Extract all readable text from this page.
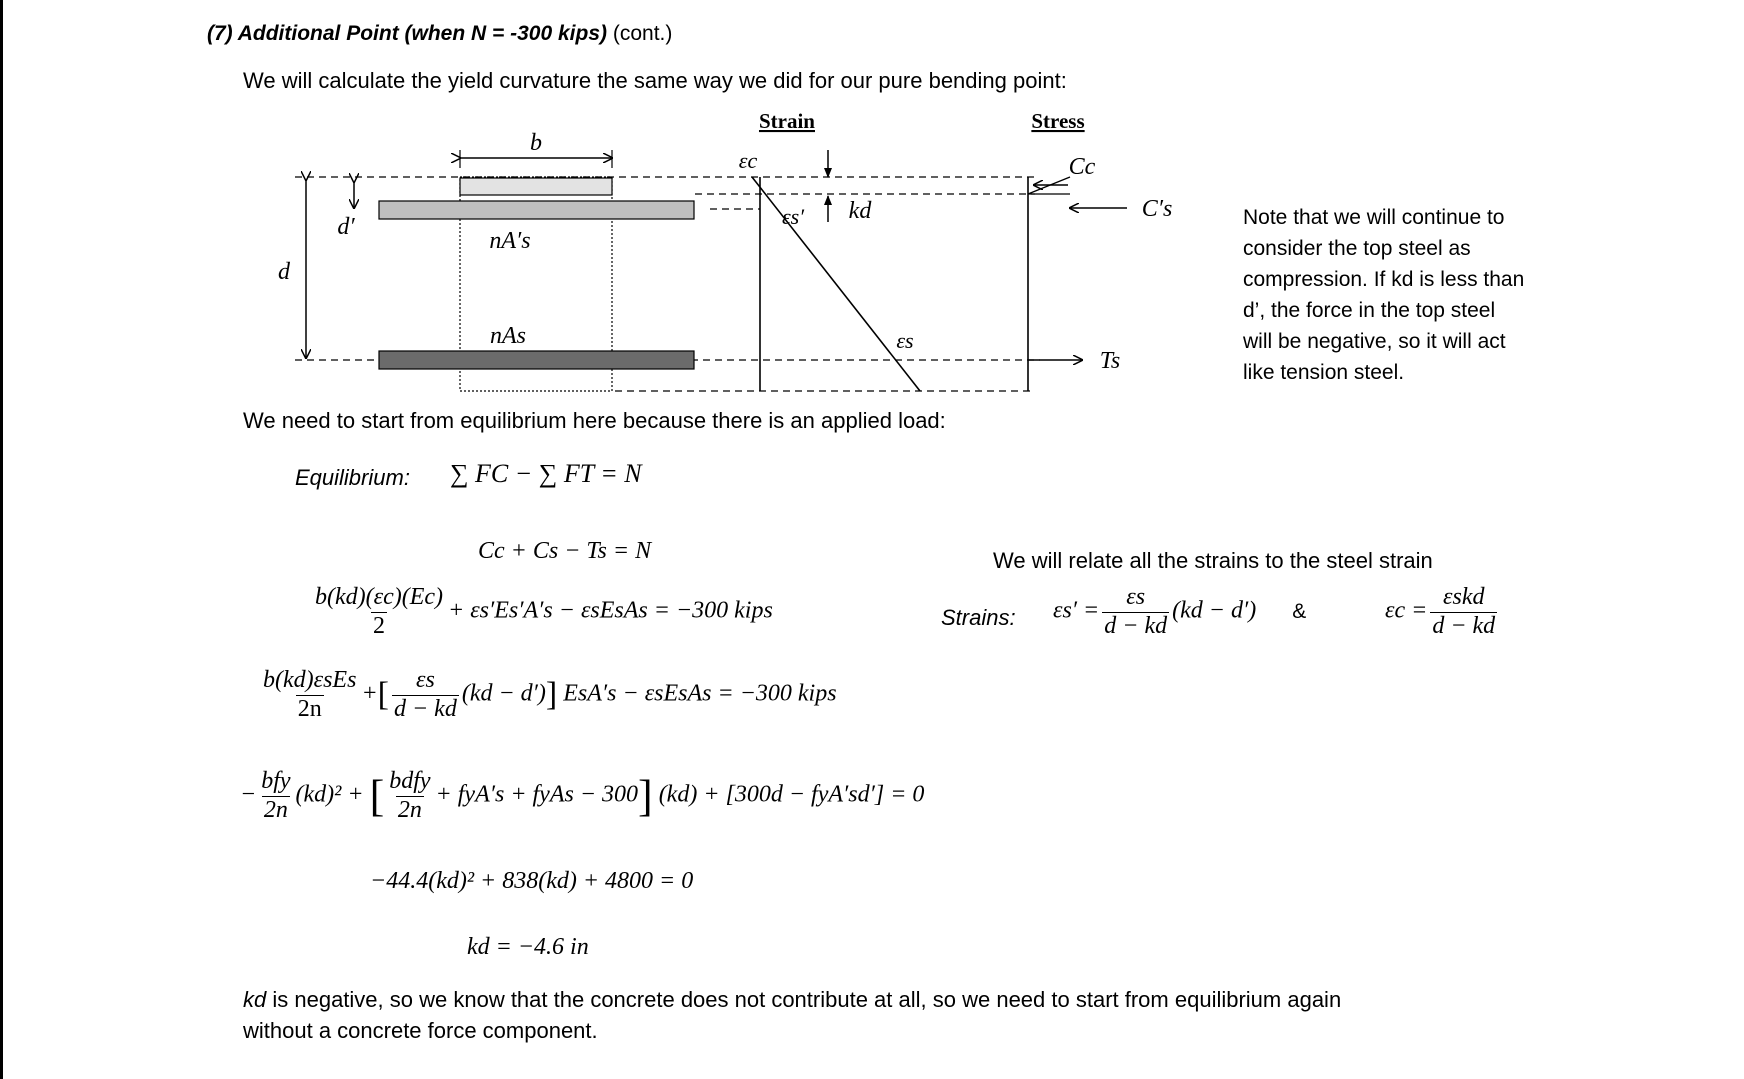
(7) Additional Point (when N = -300 kips) (cont.)
We will calculate the yield curvature the same way we did for our pure bending point:
Strain	Stress
b
d′
d
nA′s
nAs
εc
εs′
εs
kd
Cc
C′s
Ts
Note that we will continue to
consider the top steel as
compression. If kd is less than
d’, the force in the top steel
will be negative, so it will act
like tension steel.
We need to start from equilibrium here because there is an applied load:
Equilibrium: ∑ FC − ∑ FT = N
Cc + Cs − Ts = N	We will relate all the strains to the steel strain
$\frac{b(kd)(\varepsilon c)(Ec)}{2} + \varepsilon s'Es'A's$ − εsEsAs = −300 kips	Strains: $\varepsilon s' = \frac{\varepsilon s}{d - kd} (kd - d')$ &	$\varepsilon c = \frac{\text{εskd}}{d - kd}$
$\frac{\text{b(kd)εsEs}}{2n}$ +[ $\frac{\varepsilon s}{d - kd} (kd - d')$] EsA′s − εsEsAs = −300 kips
− $\frac{\text{bfy}}{2n} (kd)^2$ + [ $\frac{\text{bdfy}}{2n} + fyA's$ + fyAs − 300] (kd) + [300d − fyA′sd′] = 0
−44.4(kd)² + 838(kd) + 4800 = 0
kd = −4.6 in
kd is negative, so we know that the concrete does not contribute at all, so we need to start from equilibrium again
without a concrete force component.
